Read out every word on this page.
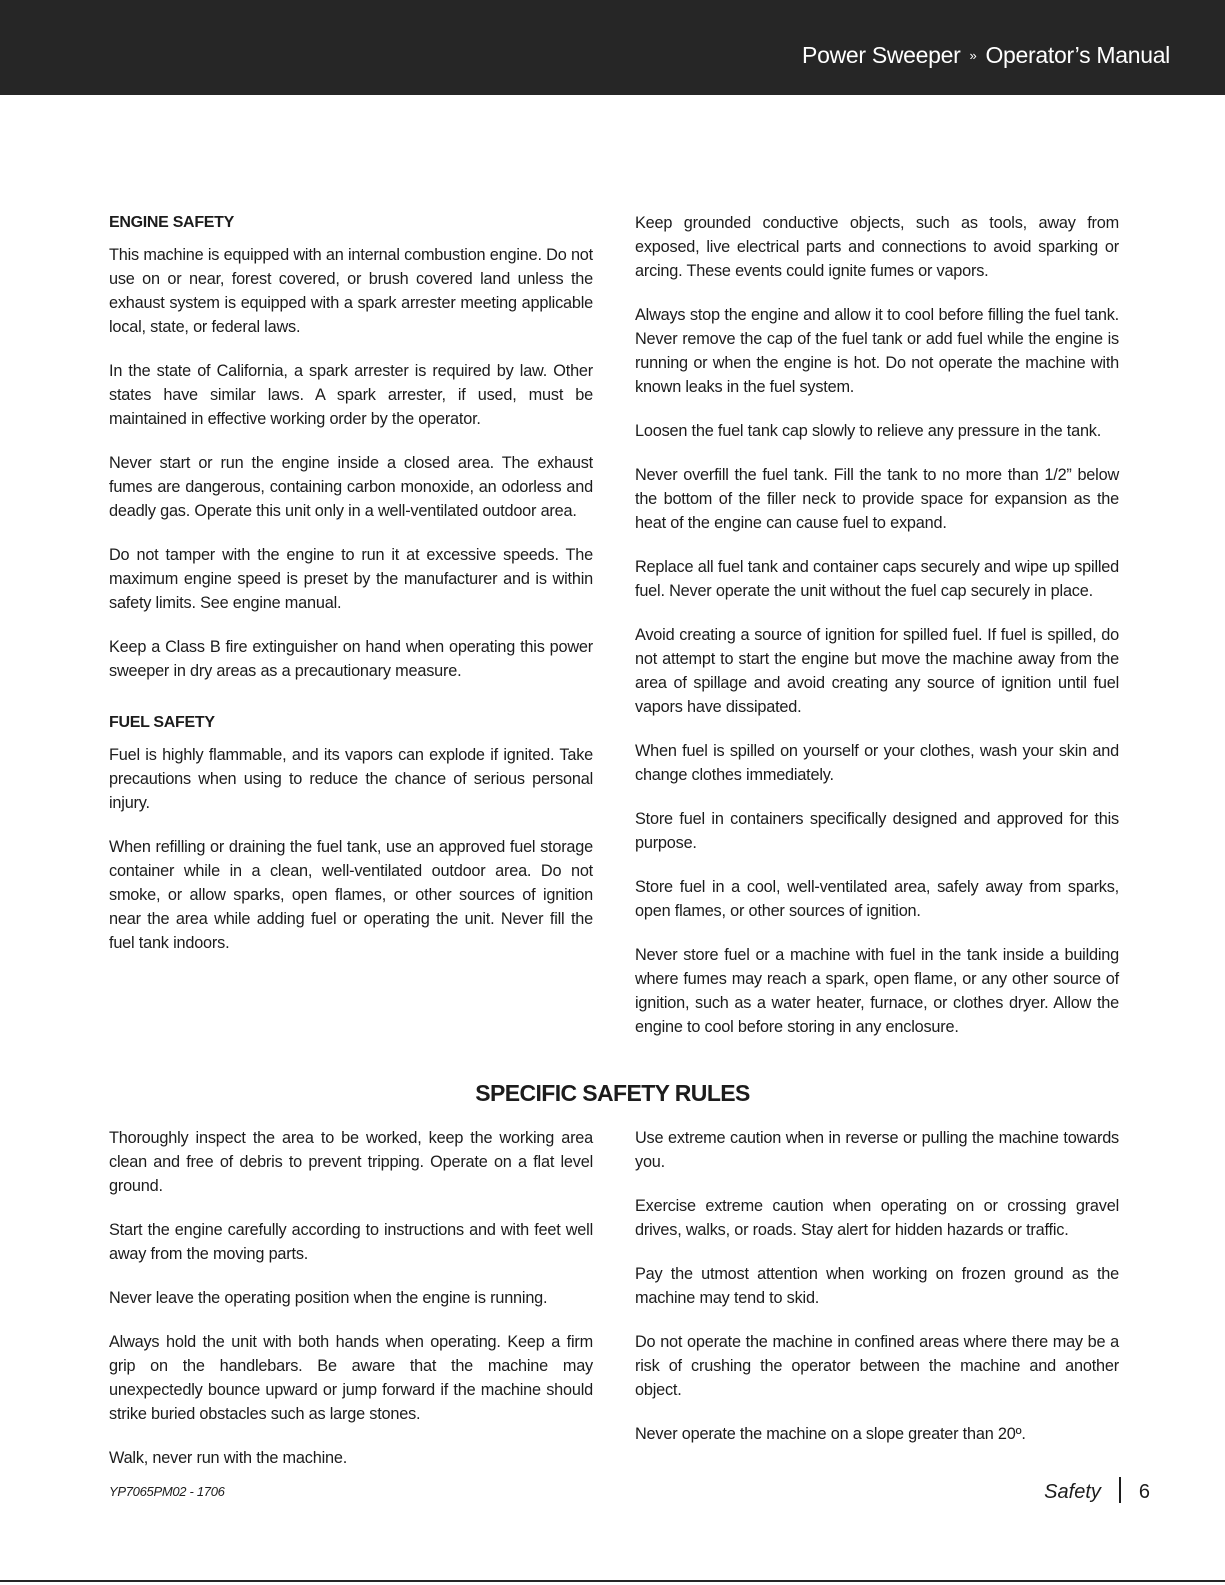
Power Sweeper » Operator’s Manual
ENGINE SAFETY

This machine is equipped with an internal combustion engine. Do not use on or near, forest covered, or brush covered land unless the exhaust system is equipped with a spark arrester meeting applicable local, state, or federal laws.

In the state of California, a spark arrester is required by law. Other states have similar laws. A spark arrester, if used, must be maintained in effective working order by the operator.

Never start or run the engine inside a closed area. The exhaust fumes are dangerous, containing carbon monoxide, an odorless and deadly gas. Operate this unit only in a well-ventilated outdoor area.

Do not tamper with the engine to run it at excessive speeds. The maximum engine speed is preset by the manufacturer and is within safety limits. See engine manual.

Keep a Class B fire extinguisher on hand when operating this power sweeper in dry areas as a precautionary measure.

FUEL SAFETY

Fuel is highly flammable, and its vapors can explode if ignited. Take precautions when using to reduce the chance of serious personal injury.

When refilling or draining the fuel tank, use an approved fuel storage container while in a clean, well-ventilated outdoor area. Do not smoke, or allow sparks, open flames, or other sources of ignition near the area while adding fuel or operating the unit. Never fill the fuel tank indoors.

Keep grounded conductive objects, such as tools, away from exposed, live electrical parts and connections to avoid sparking or arcing. These events could ignite fumes or vapors.

Always stop the engine and allow it to cool before filling the fuel tank. Never remove the cap of the fuel tank or add fuel while the engine is running or when the engine is hot. Do not operate the machine with known leaks in the fuel system.

Loosen the fuel tank cap slowly to relieve any pressure in the tank.

Never overfill the fuel tank. Fill the tank to no more than 1/2” below the bottom of the filler neck to provide space for expansion as the heat of the engine can cause fuel to expand.

Replace all fuel tank and container caps securely and wipe up spilled fuel. Never operate the unit without the fuel cap securely in place.

Avoid creating a source of ignition for spilled fuel. If fuel is spilled, do not attempt to start the engine but move the machine away from the area of spillage and avoid creating any source of ignition until fuel vapors have dissipated.

When fuel is spilled on yourself or your clothes, wash your skin and change clothes immediately.

Store fuel in containers specifically designed and approved for this purpose.

Store fuel in a cool, well-ventilated area, safely away from sparks, open flames, or other sources of ignition.

Never store fuel or a machine with fuel in the tank inside a building where fumes may reach a spark, open flame, or any other source of ignition, such as a water heater, furnace, or clothes dryer. Allow the engine to cool before storing in any enclosure.

SPECIFIC SAFETY RULES

Thoroughly inspect the area to be worked, keep the working area clean and free of debris to prevent tripping. Operate on a flat level ground.

Start the engine carefully according to instructions and with feet well away from the moving parts.

Never leave the operating position when the engine is running.

Always hold the unit with both hands when operating. Keep a firm grip on the handlebars. Be aware that the machine may unexpectedly bounce upward or jump forward if the machine should strike buried obstacles such as large stones.

Walk, never run with the machine.

Use extreme caution when in reverse or pulling the machine towards you.

Exercise extreme caution when operating on or crossing gravel drives, walks, or roads. Stay alert for hidden hazards or traffic.

Pay the utmost attention when working on frozen ground as the machine may tend to skid.

Do not operate the machine in confined areas where there may be a risk of crushing the operator between the machine and another object.

Never operate the machine on a slope greater than 20º.

YP7065PM02 - 1706	Safety 6
